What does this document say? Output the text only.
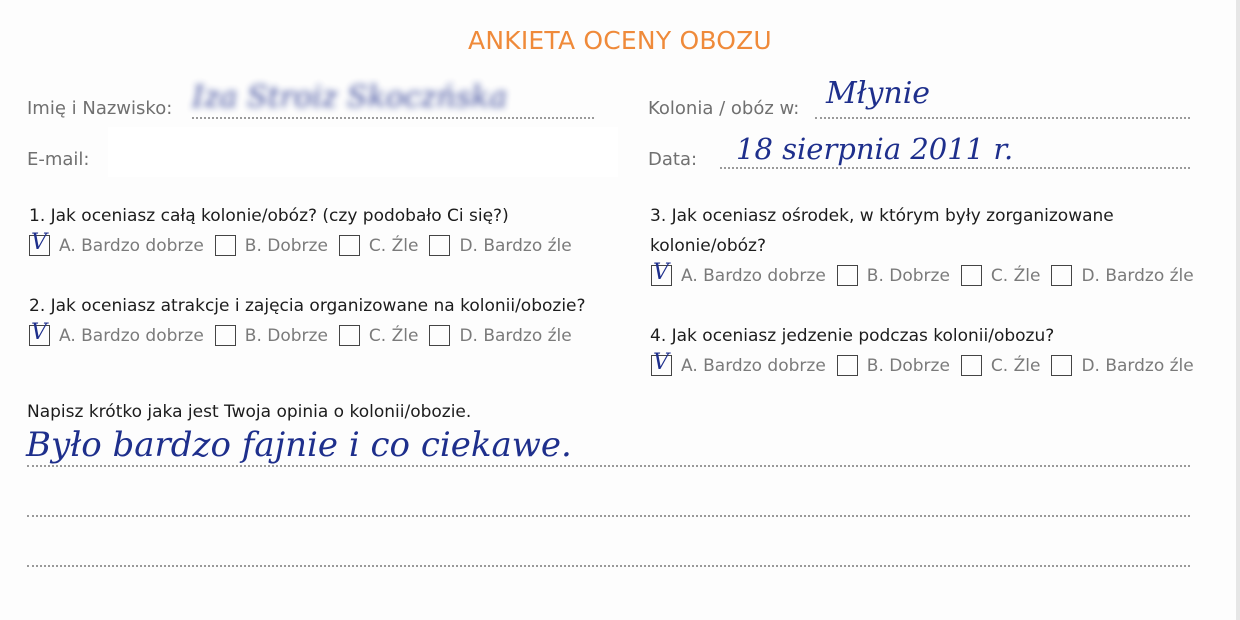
ANKIETA OCENY OBOZU
Imię i Nazwisko: Iza Stroiz Skoczńska	Kolonia / obóz w: Młynie
E-mail:	Data: 18 sierpnia 2011 r.
1. Jak oceniasz całą kolonie/obóz? (czy podobało Ci się?)
V A. Bardzo dobrze B. Dobrze C. Źle D. Bardzo źle
2. Jak oceniasz atrakcje i zajęcia organizowane na kolonii/obozie?
V A. Bardzo dobrze B. Dobrze C. Źle D. Bardzo źle
3. Jak oceniasz ośrodek, w którym były zorganizowane
kolonie/obóz?
V A. Bardzo dobrze B. Dobrze C. Źle D. Bardzo źle
4. Jak oceniasz jedzenie podczas kolonii/obozu?
V A. Bardzo dobrze B. Dobrze C. Źle D. Bardzo źle
Napisz krótko jaka jest Twoja opinia o kolonii/obozie.
Było bardzo fajnie i co ciekawe.
